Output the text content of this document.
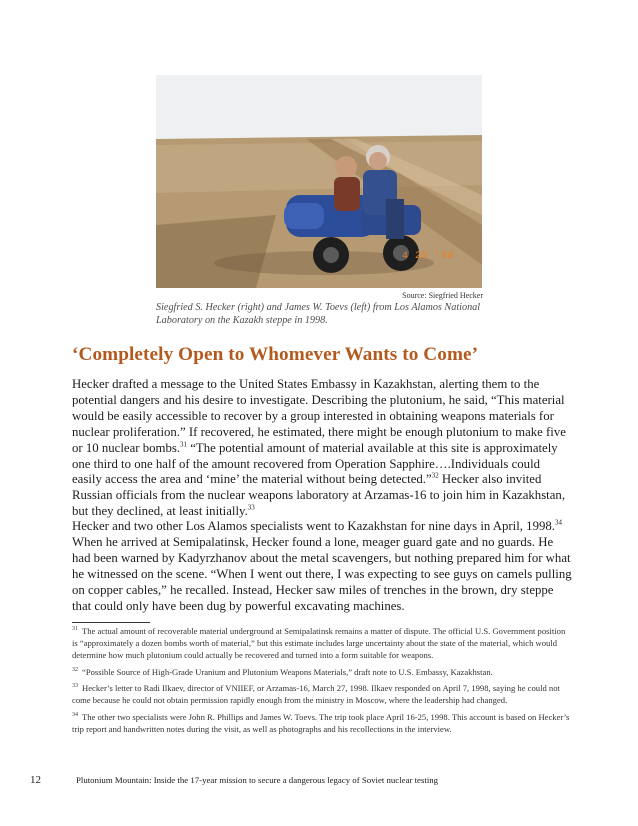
4 28 '98
Source: Siegfried Hecker
Siegfried S. Hecker (right) and James W. Toevs (left) from Los Alamos National Laboratory on the Kazakh steppe in 1998.
‘Completely Open to Whomever Wants to Come’

Hecker drafted a message to the United States Embassy in Kazakhstan, alerting them to the potential dangers and his desire to investigate. Describing the plutonium, he said, “This material would be easily accessible to recover by a group interested in obtaining weapons materials for nuclear proliferation.” If recovered, he estimated, there might be enough plutonium to make five or 10 nuclear bombs.$^{31}$ “The potential amount of material available at this site is approximately one third to one half of the amount recovered from Operation Sapphire….Individuals could easily access the area and ‘mine’ the material without being detected.”$^{32}$ Hecker also invited Russian officials from the nuclear weapons laboratory at Arzamas-16 to join him in Kazakhstan, but they declined, at least initially.$^{33}$

Hecker and two other Los Alamos specialists went to Kazakhstan for nine days in April, 1998.34 When he arrived at Semipalatinsk, Hecker found a lone, meager guard gate and no guards. He had been warned by Kadyrzhanov about the metal scavengers, but nothing prepared him for what he witnessed on the scene. “When I went out there, I was expecting to see guys on camels pulling on copper cables,” he recalled. Instead, Hecker saw miles of trenches in the brown, dry steppe that could only have been dug by powerful excavating machines.

$^{31}$ The actual amount of recoverable material underground at Semipalatinsk remains a matter of dispute. The official U.S. Government position is “approximately a dozen bombs worth of material,” but this estimate includes large uncertainty about the state of the material, which would determine how much plutonium could actually be recovered and turned into a form suitable for weapons.

$^{32}$ “Possible Source of High-Grade Uranium and Plutonium Weapons Materials,” draft note to U.S. Embassy, Kazakhstan.

$^{33}$ Hecker’s letter to Radi Ilkaev, director of VNIIEF, or Arzamas-16, March 27, 1998. Ilkaev responded on April 7, 1998, saying he could not come because he could not obtain permission rapidly enough from the ministry in Moscow, where the leadership had changed.

$^{34}$ The other two specialists were John R. Phillips and James W. Toevs. The trip took place April 16-25, 1998. This account is based on Hecker’s trip report and handwritten notes during the visit, as well as photographs and his recollections in the interview.

12	Plutonium Mountain: Inside the 17-year mission to secure a dangerous legacy of Soviet nuclear testing
